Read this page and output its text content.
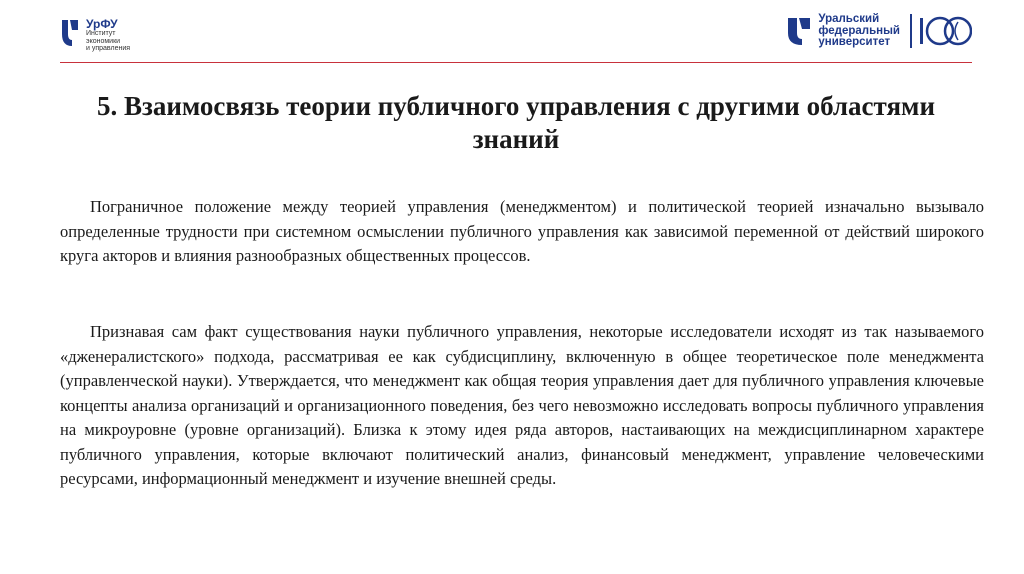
УрФУ
Институт
экономики
и управления
Уральский
федеральный
университет
5. Взаимосвязь теории публичного управления с другими областями знаний

Пограничное положение между теорией управления (менеджментом) и политической теорией изначально вызывало определенные трудности при системном осмыслении публичного управления как зависимой переменной от действий широкого круга акторов и влияния разнообразных общественных процессов.

Признавая сам факт существования науки публичного управления, некоторые исследователи исходят из так называемого «дженералистского» подхода, рассматривая ее как субдисциплину, включенную в общее теоретическое поле менеджмента (управленческой науки). Утверждается, что менеджмент как общая теория управления дает для публичного управления ключевые концепты анализа организаций и организационного поведения, без чего невозможно исследовать вопросы публичного управления на микроуровне (уровне организаций). Близка к этому идея ряда авторов, настаивающих на междисциплинарном характере публичного управления, которые включают политический анализ, финансовый менеджмент, управление человеческими ресурсами, информационный менеджмент и изучение внешней среды.
